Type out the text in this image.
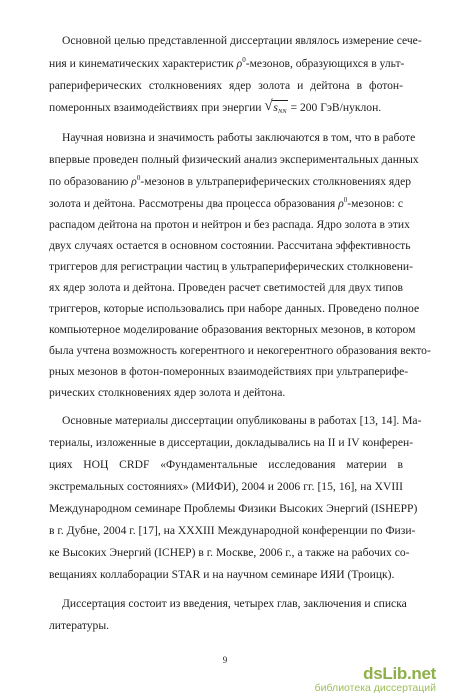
Основной целью представленной диссертации являлось измерение сече-
ния и кинематических характеристик $\rho^0$-мезонов, образующихся в ульт-
рапериферических столкновениях ядер золота и дейтона в фотон-
померонных взаимодействиях при энергии √ $s_{NN} = 200$ ГэВ/нуклон.
Научная новизна и значимость работы заключаются в том, что в работе
впервые проведен полный физический анализ экспериментальных данных
по образованию $\rho^0$-мезонов в ультрапериферических столкновениях ядер
золота и дейтона. Рассмотрены два процесса образования $\rho^0$-мезонов: с
распадом дейтона на протон и нейтрон и без распада. Ядро золота в этих
двух случаях остается в основном состоянии. Рассчитана эффективность
триггеров для регистрации частиц в ультрапериферических столкновени-
ях ядер золота и дейтона. Проведен расчет светимостей для двух типов
триггеров, которые использовались при наборе данных. Проведено полное
компьютерное моделирование образования векторных мезонов, в котором
была учтена возможность когерентного и некогерентного образования векто-
рных мезонов в фотон-померонных взаимодействиях при ультраперифе-
рических столкновениях ядер золота и дейтона.
Основные материалы диссертации опубликованы в работах [13, 14]. Ма-
териалы, изложенные в диссертации, докладывались на II и IV конферен-
циях НОЦ CRDF «Фундаментальные исследования материи в
экстремальных состояниях» (МИФИ), 2004 и 2006 гг. [15, 16], на XVIII
Международном семинаре Проблемы Физики Высоких Энергий (ISHEPP)
в г. Дубне, 2004 г. [17], на XXXIII Международной конференции по Физи-
ке Высоких Энергий (ICHEP) в г. Москве, 2006 г., а также на рабочих со-
вещаниях коллаборации STAR и на научном семинаре ИЯИ (Троицк).
Диссертация состоит из введения, четырех глав, заключения и списка
литературы.
9
dsLib.net
библиотека диссертаций
